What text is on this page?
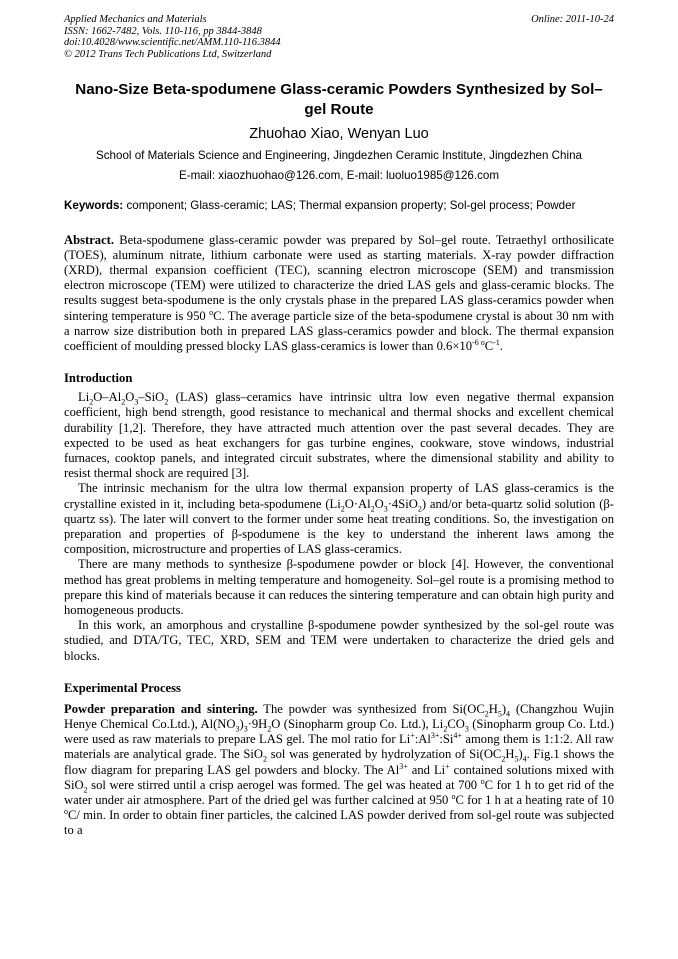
Applied Mechanics and Materials
ISSN: 1662-7482, Vols. 110-116, pp 3844-3848
doi:10.4028/www.scientific.net/AMM.110-116.3844
© 2012 Trans Tech Publications Ltd, Switzerland
Online: 2011-10-24
Nano-Size Beta-spodumene Glass-ceramic Powders Synthesized by Sol–gel Route
Zhuohao Xiao, Wenyan Luo
School of Materials Science and Engineering, Jingdezhen Ceramic Institute, Jingdezhen China
E-mail: xiaozhuohao@126.com, E-mail: luoluo1985@126.com
Keywords: component; Glass-ceramic; LAS; Thermal expansion property; Sol-gel process; Powder

Abstract. Beta-spodumene glass-ceramic powder was prepared by Sol–gel route. Tetraethyl orthosilicate (TOES), aluminum nitrate, lithium carbonate were used as starting materials. X-ray powder diffraction (XRD), thermal expansion coefficient (TEC), scanning electron microscope (SEM) and transmission electron microscope (TEM) were utilized to characterize the dried LAS gels and glass-ceramic blocks. The results suggest beta-spodumene is the only crystals phase in the prepared LAS glass-ceramics powder when sintering temperature is 950 $^o$C. The average particle size of the beta-spodumene crystal is about 30 nm with a narrow size distribution both in prepared LAS glass-ceramics powder and block. The thermal expansion coefficient of moulding pressed blocky LAS glass-ceramics is lower than $0.6\times 10^{-6 o}C^{-1}$.

Introduction

$Li_2O-Al_2O_3-SiO_2$ (LAS) glass–ceramics have intrinsic ultra low even negative thermal expansion coefficient, high bend strength, good resistance to mechanical and thermal shocks and excellent chemical durability [1,2]. Therefore, they have attracted much attention over the past several decades. They are expected to be used as heat exchangers for gas turbine engines, cookware, stove windows, industrial furnaces, cooktop panels, and integrated circuit substrates, where the dimensional stability and ability to resist thermal shock are required [3].

The intrinsic mechanism for the ultra low thermal expansion property of LAS glass-ceramics is the crystalline existed in it, including beta-spodumene $(Li_2O\cdot Al_2O_3\cdot 4SiO_2)$ and/or beta-quartz solid solution (β-quartz ss). The later will convert to the former under some heat treating conditions. So, the investigation on preparation and properties of β-spodumene is the key to understand the inherent laws among the composition, microstructure and properties of LAS glass-ceramics.

There are many methods to synthesize β-spodumene powder or block [4]. However, the conventional method has great problems in melting temperature and homogeneity. Sol–gel route is a promising method to prepare this kind of materials because it can reduces the sintering temperature and can obtain high purity and homogeneous products.

In this work, an amorphous and crystalline β-spodumene powder synthesized by the sol-gel route was studied, and DTA/TG, TEC, XRD, SEM and TEM were undertaken to characterize the dried gels and blocks.

Experimental Process

Powder preparation and sintering. The powder was synthesized from $Si(OC_2H_5)_4$ (Changzhou Wujin Henye Chemical Co.Ltd.), $Al(NO_3)_3\cdot 9H_2O$ (Sinopharm group Co. Ltd.), $Li_2CO_3$ (Sinopharm group Co. Ltd.) were used as raw materials to prepare LAS gel. The mol ratio for $Li^+:Al^{3+}:Si^{4+}$ among them is 1:1:2. All raw materials are analytical grade. The SiO$_2$ sol was generated by hydrolyzation of $Si(OC_2H_5)_4$. Fig.1 shows the flow diagram for preparing LAS gel powders and blocky. The $Al^{3+}$ and Li+ contained solutions mixed with SiO$_2$ sol were stirred until a crisp aerogel was formed. The gel was heated at 700 $^o$C for 1 h to get rid of the water under air atmosphere. Part of the dried gel was further calcined at 950 $^o$C for 1 h at a heating rate of 10 $^o$C/ min. In order to obtain finer particles, the calcined LAS powder derived from sol-gel route was subjected to a
